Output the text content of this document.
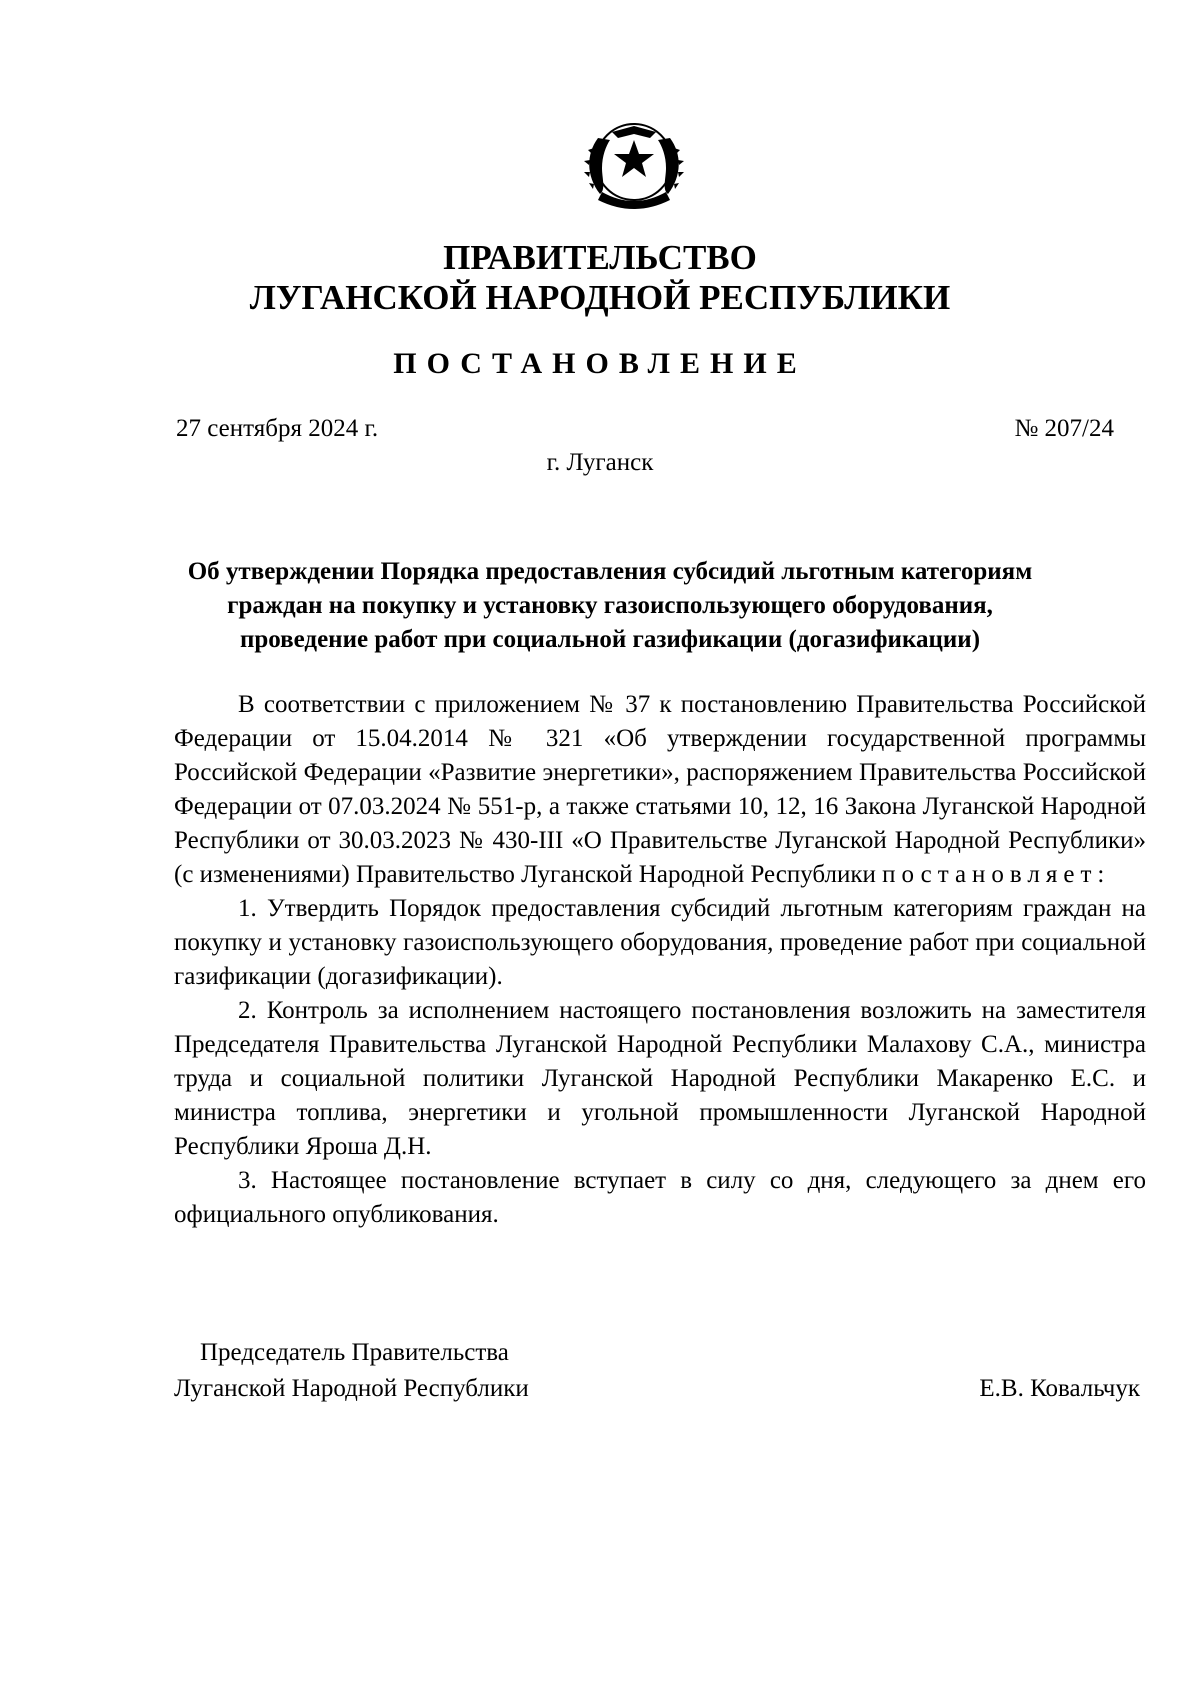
ПРАВИТЕЛЬСТВО
ЛУГАНСКОЙ НАРОДНОЙ РЕСПУБЛИКИ
ПОСТАНОВЛЕНИЕ
27 сентября 2024 г.	№ 207/24
г. Луганск
Об утверждении Порядка предоставления субсидий льготным категориям
граждан на покупку и установку газоиспользующего оборудования,
проведение работ при социальной газификации (догазификации)

В соответствии с приложением № 37 к постановлению Правительства Российской Федерации от 15.04.2014 № 321 «Об утверждении государственной программы Российской Федерации «Развитие энергетики», распоряжением Правительства Российской Федерации от 07.03.2024 № 551-р, а также статьями 10, 12, 16 Закона Луганской Народной Республики от 30.03.2023 № 430-III «О Правительстве Луганской Народной Республики» (с изменениями) Правительство Луганской Народной Республики постановляет:

1. Утвердить Порядок предоставления субсидий льготным категориям граждан на покупку и установку газоиспользующего оборудования, проведение работ при социальной газификации (догазификации).

2. Контроль за исполнением настоящего постановления возложить на заместителя Председателя Правительства Луганской Народной Республики Малахову С.А., министра труда и социальной политики Луганской Народной Республики Макаренко Е.С. и министра топлива, энергетики и угольной промышленности Луганской Народной Республики Яроша Д.Н.

3. Настоящее постановление вступает в силу со дня, следующего за днем его официального опубликования.

Председатель Правительства
Луганской Народной Республики	Е.В. Ковальчук
